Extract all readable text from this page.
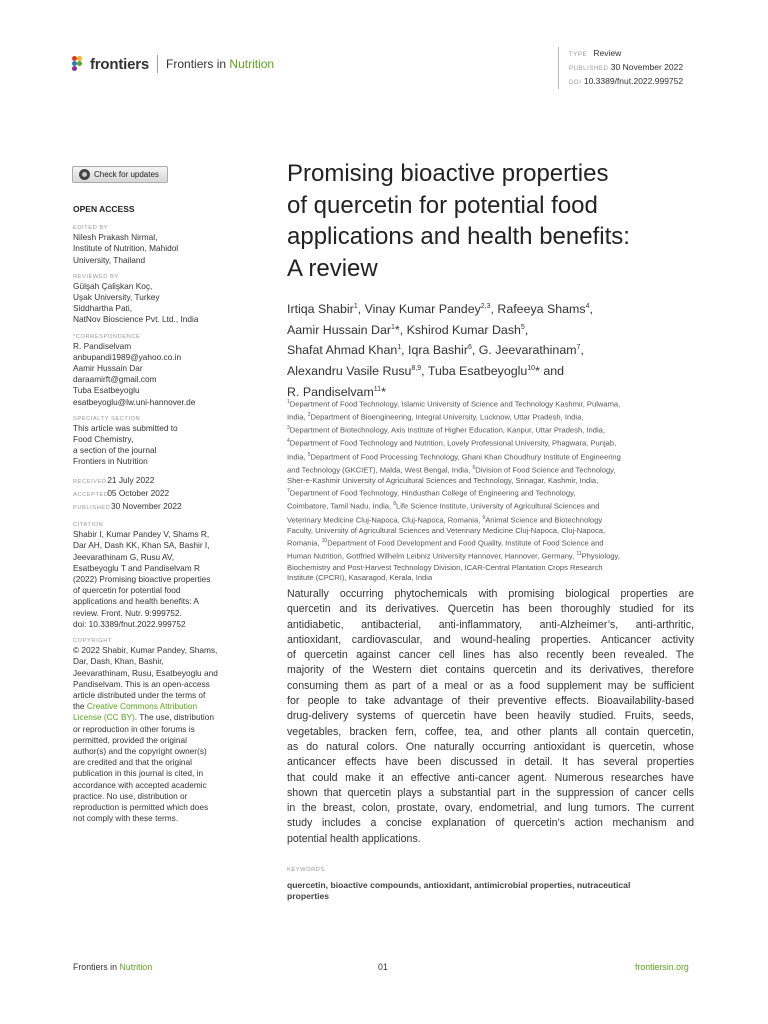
frontiers Frontiers in Nutrition
TYPE Review
PUBLISHED 30 November 2022
DOI 10.3389/fnut.2022.999752
Check for updates
OPEN ACCESS
EDITED BY
Nilesh Prakash Nirmal,
Institute of Nutrition, Mahidol
University, Thailand
REVIEWED BY
Gülşah Çalişkan Koç,
Uşak University, Turkey
Siddhartha Pati,
NatNov Bioscience Pvt. Ltd., India
*CORRESPONDENCE
R. Pandiselvam
anbupandi1989@yahoo.co.in
Aamir Hussain Dar
daraamirft@gmail.com
Tuba Esatbeyoglu
esatbeyoglu@lw.uni-hannover.de
SPECIALTY SECTION
This article was submitted to
Food Chemistry,
a section of the journal
Frontiers in Nutrition
RECEIVED 21 July 2022
ACCEPTED 05 October 2022
PUBLISHED30 November 2022
CITATION
Shabir I, Kumar Pandey V, Shams R,
Dar AH, Dash KK, Khan SA, Bashir I,
Jeevarathinam G, Rusu AV,
Esatbeyoglu T and Pandiselvam R
(2022) Promising bioactive properties
of quercetin for potential food
applications and health benefits: A
review. Front. Nutr. 9:999752.
doi: 10.3389/fnut.2022.999752
COPYRIGHT
© 2022 Shabir, Kumar Pandey, Shams,
Dar, Dash, Khan, Bashir,
Jeevarathinam, Rusu, Esatbeyoglu and
Pandiselvam. This is an open-access
article distributed under the terms of
the Creative Commons Attribution
License (CC BY). The use, distribution
or reproduction in other forums is
permitted, provided the original
author(s) and the copyright owner(s)
are credited and that the original
publication in this journal is cited, in
accordance with accepted academic
practice. No use, distribution or
reproduction is permitted which does
not comply with these terms.
Promising bioactive properties
of quercetin for potential food
applications and health benefits:
A review
Irtiqa Shabir$^1$, Vinay Kumar Pandey$^{2,3}$, Rafeeya Shams$^4$,
Aamir Hussain Dar$^1$*, Kshirod Kumar Dash$^5$,
Shafat Ahmad Khan$^1$, Iqra Bashir$^6$, G. Jeevarathinam$^7$,
Alexandru Vasile Rusu$^{8,9}$, Tuba Esatbeyoglu$^{10}$* and
R. Pandiselvam$^{11}$*
$^1$Department of Food Technology, Islamic University of Science and Technology Kashmir, Pulwama,
India, $^2$Department of Bioengineering, Integral University, Lucknow, Uttar Pradesh, India,
$^3$Department of Biotechnology, Axis Institute of Higher Education, Kanpur, Uttar Pradesh, India,
$^4$Department of Food Technology and Nutrition, Lovely Professional University, Phagwara, Punjab,
India, $^5$Department of Food Processing Technology, Ghani Khan Choudhury Institute of Engineering
and Technology (GKCIET), Malda, West Bengal, India, $^6$Division of Food Science and Technology,
Sher-e-Kashmir University of Agricultural Sciences and Technology, Srinagar, Kashmir, India,
$^7$Department of Food Technology, Hindusthan College of Engineering and Technology,
Coimbatore, Tamil Nadu, India, $^8$Life Science Institute, University of Agricultural Sciences and
Veterinary Medicine Cluj-Napoca, Cluj-Napoca, Romania, $^9$Animal Science and Biotechnology
Faculty, University of Agricultural Sciences and Veterinary Medicine Cluj-Napoca, Cluj-Napoca,
Romania, $^{10}$Department of Food Development and Food Quality, Institute of Food Science and
Human Nutrition, Gottfried Wilhelm Leibniz University Hannover, Hannover, Germany, $^{11}$Physiology,
Biochemistry and Post-Harvest Technology Division, ICAR-Central Plantation Crops Research
Institute (CPCRI), Kasaragod, Kerala, India
Naturally occurring phytochemicals with promising biological properties are
quercetin and its derivatives. Quercetin has been thoroughly studied for its
antidiabetic, antibacterial, anti-inflammatory, anti-Alzheimer’s, anti-arthritic,
antioxidant, cardiovascular, and wound-healing properties. Anticancer activity
of quercetin against cancer cell lines has also recently been revealed. The
majority of the Western diet contains quercetin and its derivatives, therefore
consuming them as part of a meal or as a food supplement may be sufficient
for people to take advantage of their preventive effects. Bioavailability-based
drug-delivery systems of quercetin have been heavily studied. Fruits, seeds,
vegetables, bracken fern, coffee, tea, and other plants all contain quercetin,
as do natural colors. One naturally occurring antioxidant is quercetin, whose
anticancer effects have been discussed in detail. It has several properties
that could make it an effective anti-cancer agent. Numerous researches have
shown that quercetin plays a substantial part in the suppression of cancer cells
in the breast, colon, prostate, ovary, endometrial, and lung tumors. The current
study includes a concise explanation of quercetin’s action mechanism and
potential health applications.
KEYWORDS
quercetin, bioactive compounds, antioxidant, antimicrobial properties, nutraceutical
properties
Frontiers in Nutrition	01	frontiersin.org
